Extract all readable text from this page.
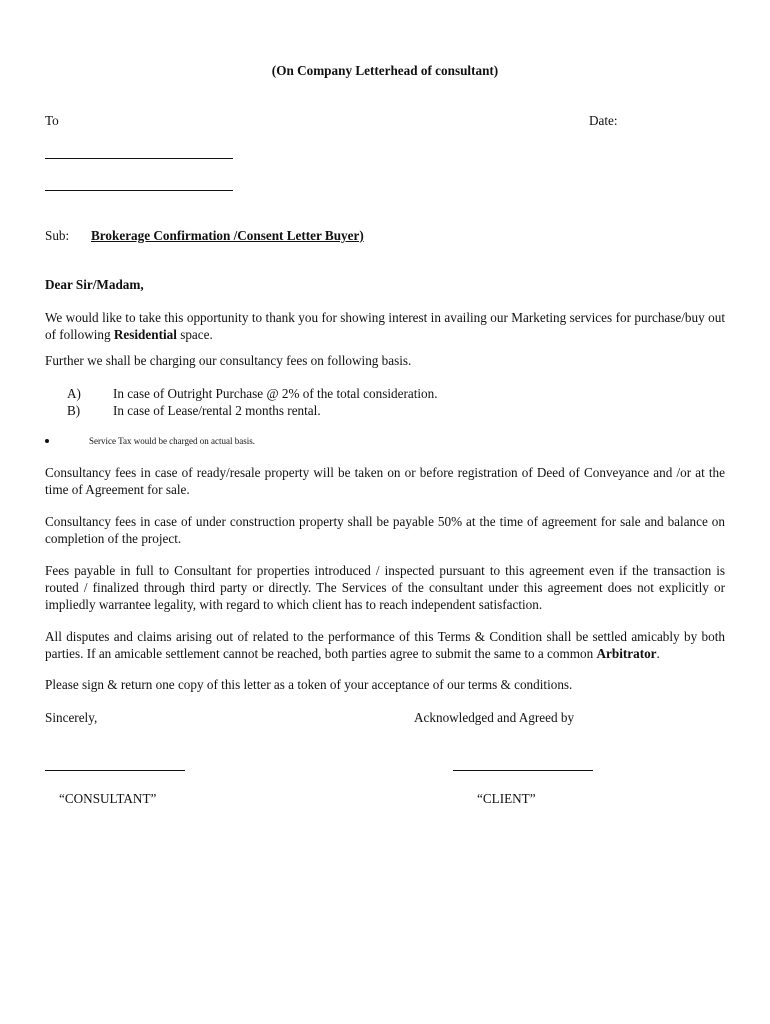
(On Company Letterhead of consultant)
To	Date:
Sub: Brokerage Confirmation /Consent Letter Buyer)
Dear Sir/Madam,

We would like to take this opportunity to thank you for showing interest in availing our Marketing services for purchase/buy out of following Residential space.

Further we shall be charging our consultancy fees on following basis.
A) In case of Outright Purchase @ 2% of the total consideration.
B) In case of Lease/rental 2 months rental.
Service Tax would be charged on actual basis.

Consultancy fees in case of ready/resale property will be taken on or before registration of Deed of Conveyance and /or at the time of Agreement for sale.

Consultancy fees in case of under construction property shall be payable 50% at the time of agreement for sale and balance on completion of the project.

Fees payable in full to Consultant for properties introduced / inspected pursuant to this agreement even if the transaction is routed / finalized through third party or directly. The Services of the consultant under this agreement does not explicitly or impliedly warrantee legality, with regard to which client has to reach independent satisfaction.

All disputes and claims arising out of related to the performance of this Terms & Condition shall be settled amicably by both parties. If an amicable settlement cannot be reached, both parties agree to submit the same to a common Arbitrator.

Please sign & return one copy of this letter as a token of your acceptance of our terms & conditions.
Sincerely,	Acknowledged and Agreed by
“CONSULTANT”	“CLIENT”
